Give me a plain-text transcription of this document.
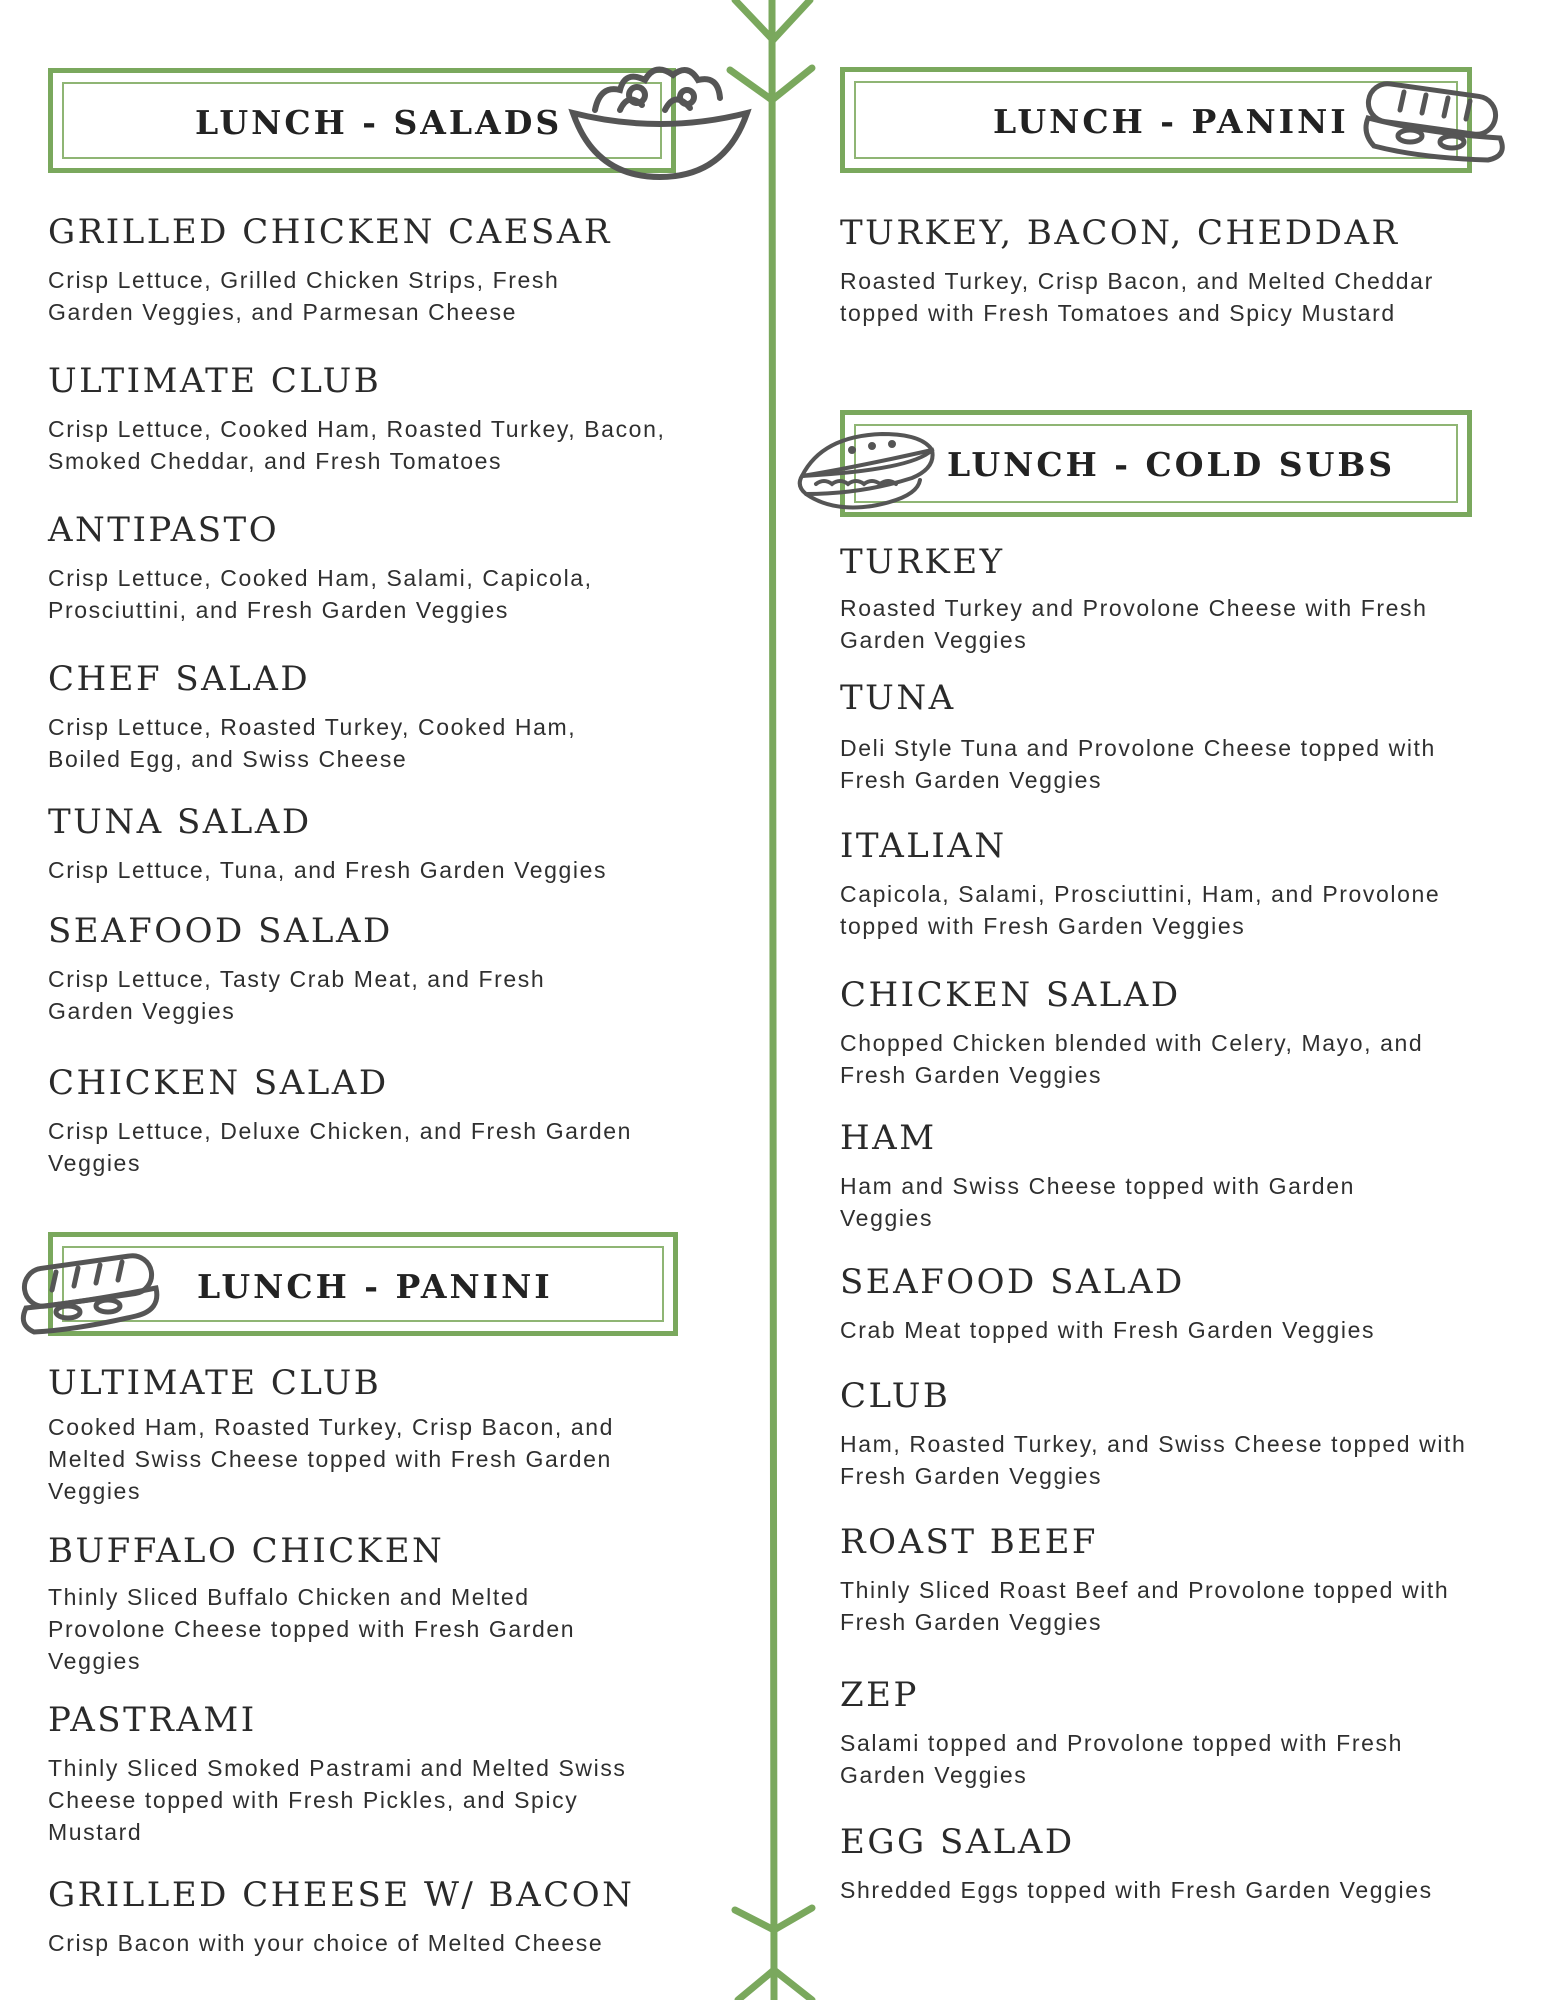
LUNCH - SALADS
GRILLED CHICKEN CAESAR
Crisp Lettuce, Grilled Chicken Strips, Fresh Garden Veggies, and Parmesan Cheese
ULTIMATE CLUB
Crisp Lettuce, Cooked Ham, Roasted Turkey, Bacon, Smoked Cheddar, and Fresh Tomatoes
ANTIPASTO
Crisp Lettuce, Cooked Ham, Salami, Capicola, Prosciuttini, and Fresh Garden Veggies
CHEF SALAD
Crisp Lettuce, Roasted Turkey, Cooked Ham, Boiled Egg, and Swiss Cheese
TUNA SALAD
Crisp Lettuce, Tuna, and Fresh Garden Veggies
SEAFOOD SALAD
Crisp Lettuce, Tasty Crab Meat, and Fresh Garden Veggies
CHICKEN SALAD
Crisp Lettuce, Deluxe Chicken, and Fresh Garden Veggies
LUNCH - PANINI
ULTIMATE CLUB
Cooked Ham, Roasted Turkey, Crisp Bacon, and Melted Swiss Cheese topped with Fresh Garden Veggies
BUFFALO CHICKEN
Thinly Sliced Buffalo Chicken and Melted Provolone Cheese topped with Fresh Garden Veggies
PASTRAMI
Thinly Sliced Smoked Pastrami and Melted Swiss Cheese topped with Fresh Pickles, and Spicy Mustard
GRILLED CHEESE W/ BACON
Crisp Bacon with your choice of Melted Cheese
LUNCH - PANINI
TURKEY, BACON, CHEDDAR
Roasted Turkey, Crisp Bacon, and Melted Cheddar topped with Fresh Tomatoes and Spicy Mustard
LUNCH - COLD SUBS
TURKEY
Roasted Turkey and Provolone Cheese with Fresh Garden Veggies
TUNA
Deli Style Tuna and Provolone Cheese topped with Fresh Garden Veggies
ITALIAN
Capicola, Salami, Prosciuttini, Ham, and Provolone topped with Fresh Garden Veggies
CHICKEN SALAD
Chopped Chicken blended with Celery, Mayo, and Fresh Garden Veggies
HAM
Ham and Swiss Cheese topped with Garden Veggies
SEAFOOD SALAD
Crab Meat topped with Fresh Garden Veggies
CLUB
Ham, Roasted Turkey, and Swiss Cheese topped with Fresh Garden Veggies
ROAST BEEF
Thinly Sliced Roast Beef and Provolone topped with Fresh Garden Veggies
ZEP
Salami topped and Provolone topped with Fresh Garden Veggies
EGG SALAD
Shredded Eggs topped with Fresh Garden Veggies
